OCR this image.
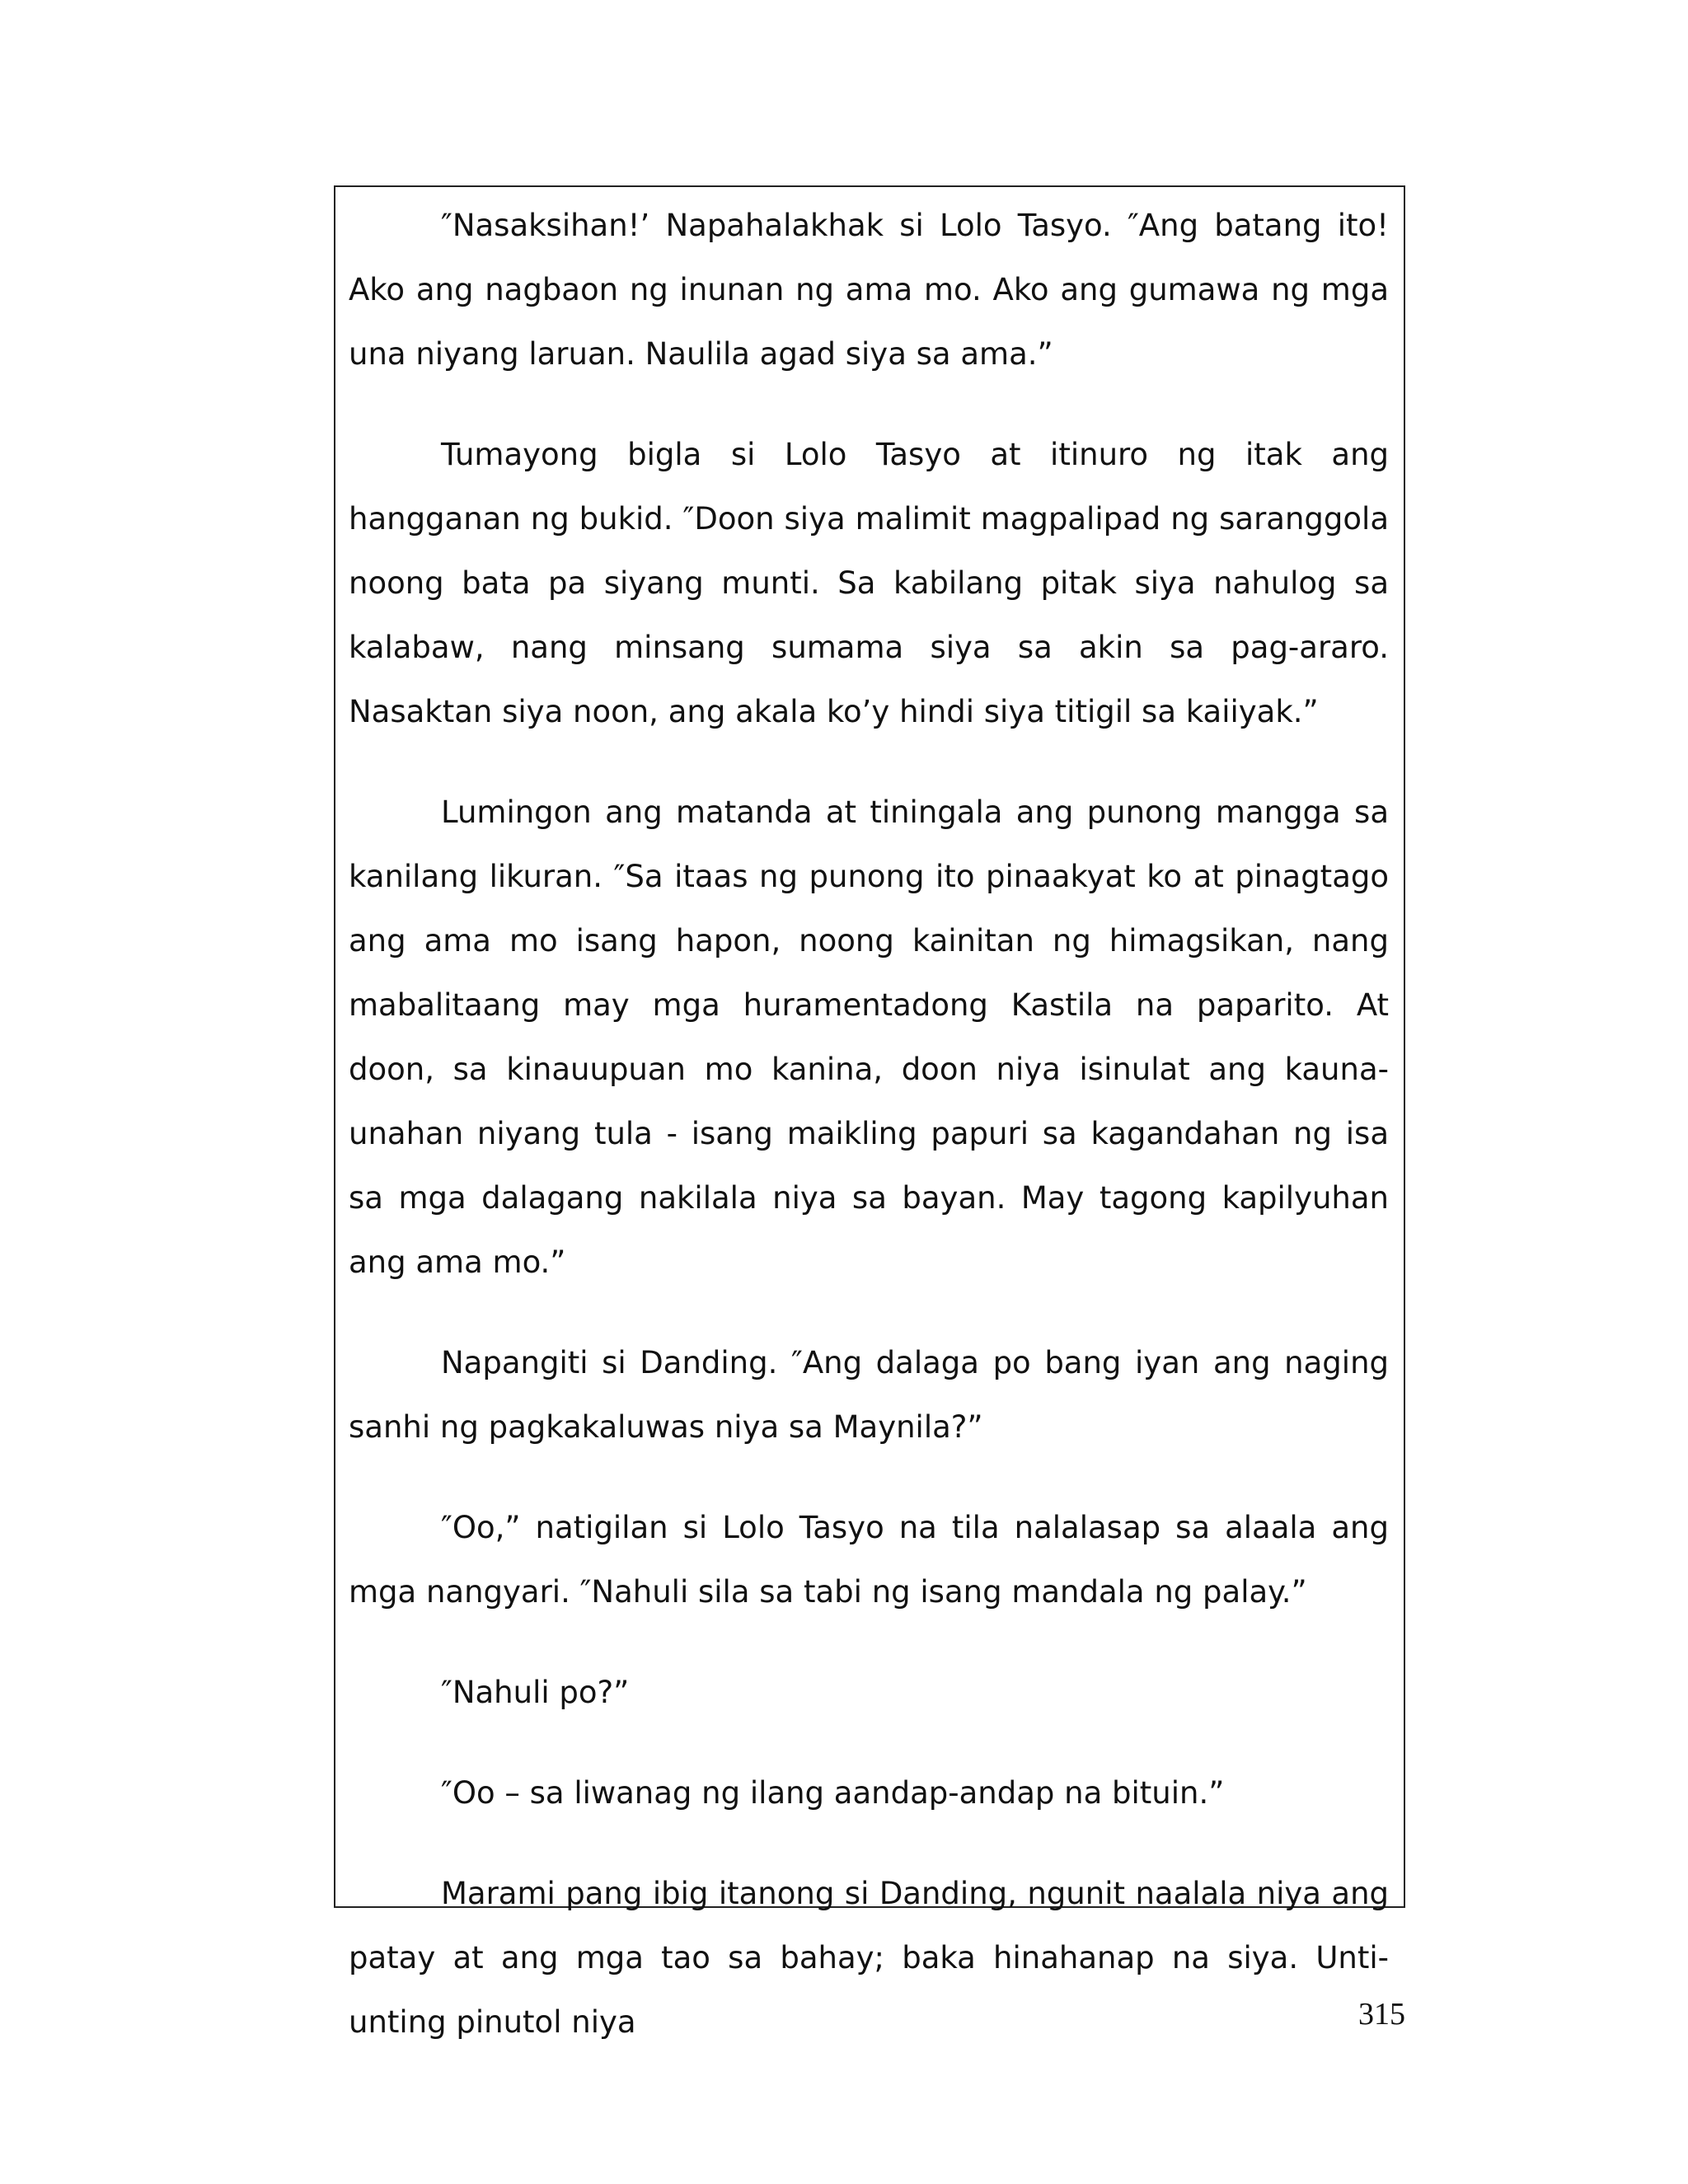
″Nasaksihan!’ Napahalakhak si Lolo Tasyo. ″Ang batang ito! Ako ang nagbaon ng inunan ng ama mo. Ako ang gumawa ng mga una niyang laruan. Naulila agad siya sa ama.”

Tumayong bigla si Lolo Tasyo at itinuro ng itak ang hangganan ng bukid. ″Doon siya malimit magpalipad ng saranggola noong bata pa siyang munti. Sa kabilang pitak siya nahulog sa kalabaw, nang minsang sumama siya sa akin sa pag-araro. Nasaktan siya noon, ang akala ko’y hindi siya titigil sa kaiiyak.”

Lumingon ang matanda at tiningala ang punong mangga sa kanilang likuran. ″Sa itaas ng punong ito pinaakyat ko at pinagtago ang ama mo isang hapon, noong kainitan ng himagsikan, nang mabalitaang may mga huramentadong Kastila na paparito. At doon, sa kinauupuan mo kanina, doon niya isinulat ang kauna-unahan niyang tula - isang maikling papuri sa kagandahan ng isa sa mga dalagang nakilala niya sa bayan. May tagong kapilyuhan ang ama mo.”

Napangiti si Danding. ″Ang dalaga po bang iyan ang naging sanhi ng pagkakaluwas niya sa Maynila?”

″Oo,” natigilan si Lolo Tasyo na tila nalalasap sa alaala ang mga nangyari. ″Nahuli sila sa tabi ng isang mandala ng palay.”

″Nahuli po?”

″Oo – sa liwanag ng ilang aandap-andap na bituin.”

Marami pang ibig itanong si Danding, ngunit naalala niya ang patay at ang mga tao sa bahay; baka hinahanap na siya. Unti-unting pinutol niya	315
